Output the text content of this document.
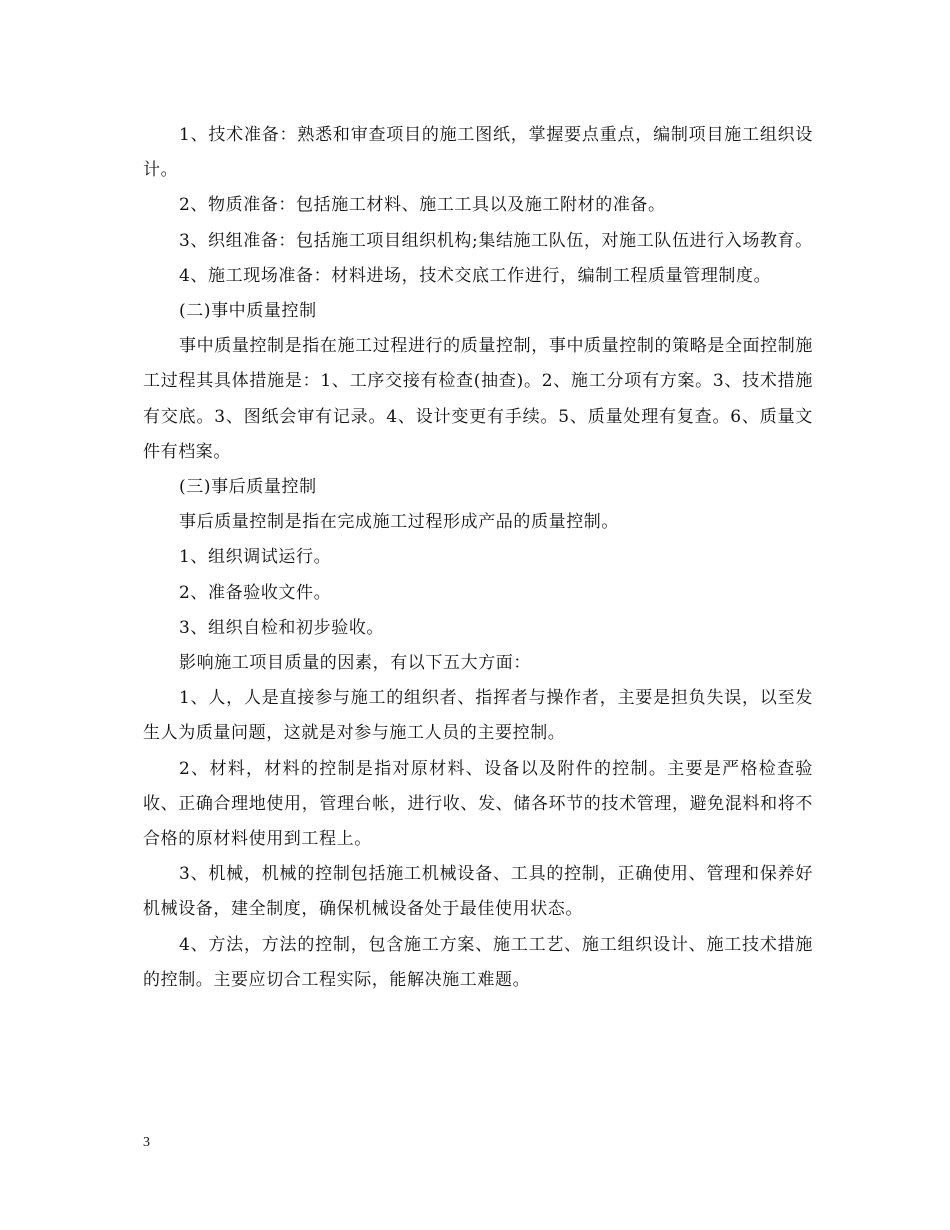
1、技术准备：熟悉和审查项目的施工图纸，掌握要点重点，编制项目施工组织设计。

2、物质准备：包括施工材料、施工工具以及施工附材的准备。

3、织组准备：包括施工项目组织机构;集结施工队伍，对施工队伍进行入场教育。

4、施工现场准备：材料进场，技术交底工作进行，编制工程质量管理制度。

(二)事中质量控制

事中质量控制是指在施工过程进行的质量控制，事中质量控制的策略是全面控制施工过程其具体措施是：1、工序交接有检查(抽查)。2、施工分项有方案。3、技术措施有交底。3、图纸会审有记录。4、设计变更有手续。5、质量处理有复查。6、质量文件有档案。

(三)事后质量控制

事后质量控制是指在完成施工过程形成产品的质量控制。

1、组织调试运行。

2、准备验收文件。

3、组织自检和初步验收。

影响施工项目质量的因素，有以下五大方面：

1、人，人是直接参与施工的组织者、指挥者与操作者，主要是担负失误，以至发生人为质量问题，这就是对参与施工人员的主要控制。

2、材料，材料的控制是指对原材料、设备以及附件的控制。主要是严格检查验收、正确合理地使用，管理台帐，进行收、发、储各环节的技术管理，避免混料和将不合格的原材料使用到工程上。

3、机械，机械的控制包括施工机械设备、工具的控制，正确使用、管理和保养好机械设备，建全制度，确保机械设备处于最佳使用状态。

4、方法，方法的控制，包含施工方案、施工工艺、施工组织设计、施工技术措施的控制。主要应切合工程实际，能解决施工难题。

3
